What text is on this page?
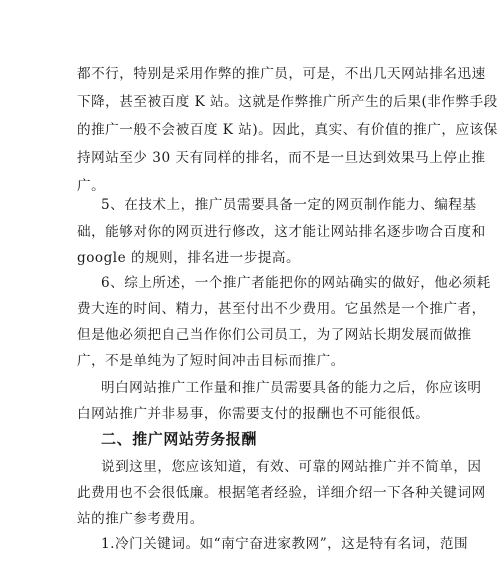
都不行，特别是采用作弊的推广员，可是，不出几天网站排名迅速
下降，甚至被百度 K 站。这就是作弊推广所产生的后果(非作弊手段
的推广一般不会被百度 K 站)。因此，真实、有价值的推广，应该保
持网站至少 30 天有同样的排名，而不是一旦达到效果马上停止推
广。
5、在技术上，推广员需要具备一定的网页制作能力、编程基
础，能够对你的网页进行修改，这才能让网站排名逐步吻合百度和
google 的规则，排名进一步提高。
6、综上所述，一个推广者能把你的网站确实的做好，他必须耗
费大连的时间、精力，甚至付出不少费用。它虽然是一个推广者，
但是他必须把自己当作你们公司员工，为了网站长期发展而做推
广，不是单纯为了短时间冲击目标而推广。
明白网站推广工作量和推广员需要具备的能力之后，你应该明
白网站推广并非易事，你需要支付的报酬也不可能很低。
二、推广网站劳务报酬
说到这里，您应该知道，有效、可靠的网站推广并不简单，因
此费用也不会很低廉。根据笔者经验，详细介绍一下各种关键词网
站的推广参考费用。
1.冷门关键词。如“南宁奋进家教网”，这是特有名词，范围
